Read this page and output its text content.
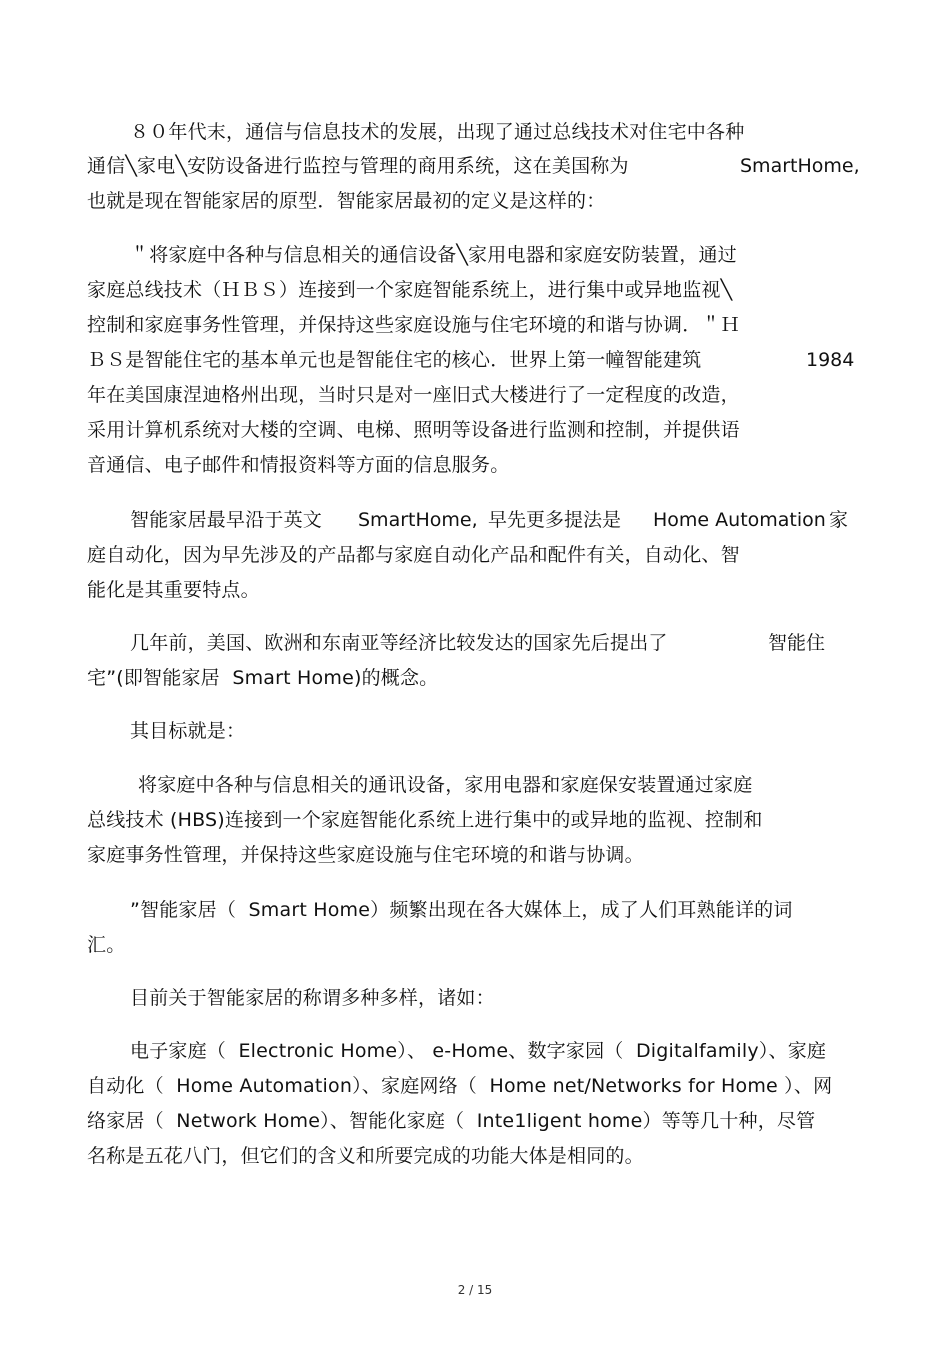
８０年代末，通信与信息技术的发展，出现了通过总线技术对住宅中各种
通信╲家电╲安防设备进行监控与管理的商用系统，这在美国称为	SmartHome,
也就是现在智能家居的原型．智能家居最初的定义是这样的：
＂将家庭中各种与信息相关的通信设备╲家用电器和家庭安防装置，通过
家庭总线技术（ＨＢＳ）连接到一个家庭智能系统上，进行集中或异地监视╲
控制和家庭事务性管理，并保持这些家庭设施与住宅环境的和谐与协调．＂Ｈ
ＢＳ是智能住宅的基本单元也是智能住宅的核心．世界上第一幢智能建筑	1984
年在美国康涅迪格州出现，当时只是对一座旧式大楼进行了一定程度的改造，
采用计算机系统对大楼的空调、电梯、照明等设备进行监测和控制，并提供语
音通信、电子邮件和情报资料等方面的信息服务。
智能家居最早沿于英文 SmartHome, 早先更多提法是 Home Automation 家
庭自动化，因为早先涉及的产品都与家庭自动化产品和配件有关，自动化、智
能化是其重要特点。
几年前，美国、欧洲和东南亚等经济比较发达的国家先后提出了	智能住
宅”(即智能家居  Smart Home)的概念。
其目标就是：
将家庭中各种与信息相关的通讯设备，家用电器和家庭保安装置通过家庭
总线技术 (HBS)连接到一个家庭智能化系统上进行集中的或异地的监视、控制和
家庭事务性管理，并保持这些家庭设施与住宅环境的和谐与协调。
”智能家居（  Smart Home）频繁出现在各大媒体上，成了人们耳熟能详的词
汇。
目前关于智能家居的称谓多种多样，诸如：
电子家庭（  Electronic Home）、 e-Home、数字家园（  Digitalfamily）、家庭
自动化（  Home Automation）、家庭网络（  Home net/Networks for Home ）、网
络家居（  Network Home）、智能化家庭（  Inte1ligent home）等等几十种，尽管
名称是五花八门，但它们的含义和所要完成的功能大体是相同的。
2 / 15
